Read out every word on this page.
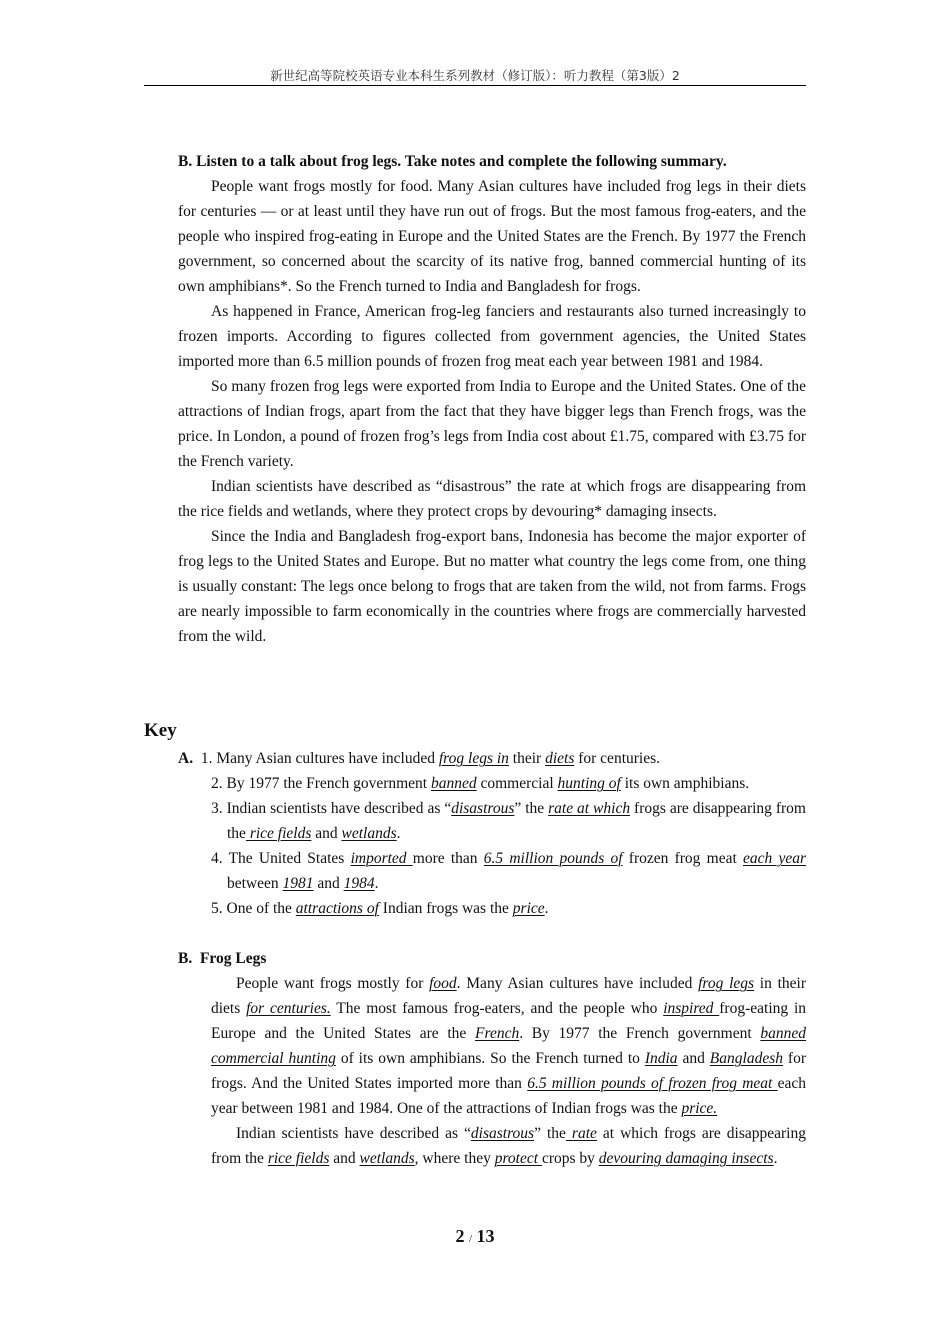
新世纪高等院校英语专业本科生系列教材（修订版）：听力教程（第3版）2

B. Listen to a talk about frog legs. Take notes and complete the following summary.

People want frogs mostly for food. Many Asian cultures have included frog legs in their diets for centuries — or at least until they have run out of frogs. But the most famous frog-eaters, and the people who inspired frog-eating in Europe and the United States are the French. By 1977 the French government, so concerned about the scarcity of its native frog, banned commercial hunting of its own amphibians*. So the French turned to India and Bangladesh for frogs.

As happened in France, American frog-leg fanciers and restaurants also turned increasingly to frozen imports. According to figures collected from government agencies, the United States imported more than 6.5 million pounds of frozen frog meat each year between 1981 and 1984.

So many frozen frog legs were exported from India to Europe and the United States. One of the attractions of Indian frogs, apart from the fact that they have bigger legs than French frogs, was the price. In London, a pound of frozen frog’s legs from India cost about £1.75, compared with £3.75 for the French variety.

Indian scientists have described as “disastrous” the rate at which frogs are disappearing from the rice fields and wetlands, where they protect crops by devouring* damaging insects.

Since the India and Bangladesh frog-export bans, Indonesia has become the major exporter of frog legs to the United States and Europe. But no matter what country the legs come from, one thing is usually constant: The legs once belong to frogs that are taken from the wild, not from farms. Frogs are nearly impossible to farm economically in the countries where frogs are commercially harvested from the wild.

Key

A. 1. Many Asian cultures have included frog legs in their diets for centuries.

2. By 1977 the French government banned commercial hunting of its own amphibians.

3. Indian scientists have described as “disastrous” the rate at which frogs are disappearing from the rice fields and wetlands.

4. The United States imported more than 6.5 million pounds of frozen frog meat each year between 1981 and 1984.

5. One of the attractions of Indian frogs was the price.

B. Frog Legs

People want frogs mostly for food. Many Asian cultures have included frog legs in their diets for centuries. The most famous frog-eaters, and the people who inspired frog-eating in Europe and the United States are the French. By 1977 the French government banned commercial hunting of its own amphibians. So the French turned to India and Bangladesh for frogs. And the United States imported more than 6.5 million pounds of frozen frog meat each year between 1981 and 1984. One of the attractions of Indian frogs was the price.

Indian scientists have described as “disastrous” the rate at which frogs are disappearing from the rice fields and wetlands, where they protect crops by devouring damaging insects.

2 / 13
